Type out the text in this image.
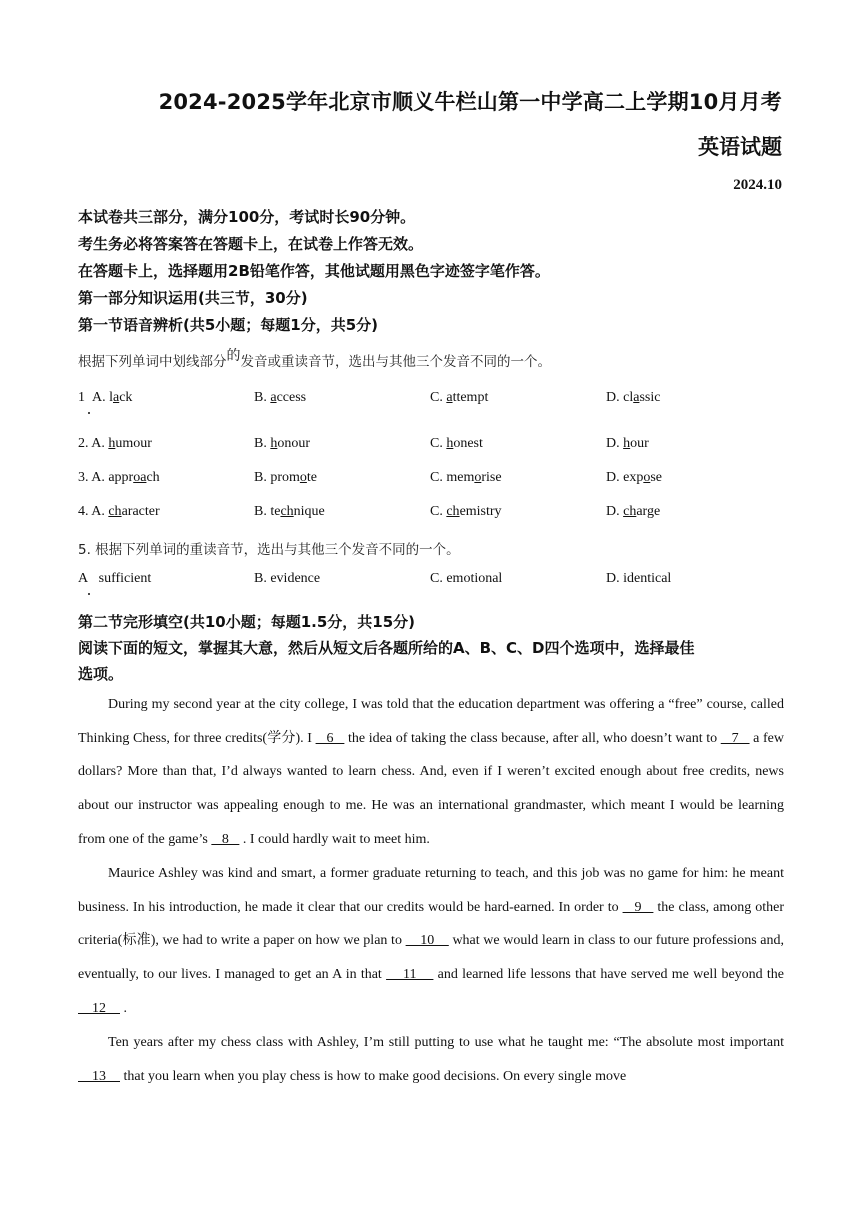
2024-2025学年北京市顺义牛栏山第一中学高二上学期10月月考
英语试题
2024.10
本试卷共三部分，满分100分，考试时长90分钟。
考生务必将答案答在答题卡上，在试卷上作答无效。
在答题卡上，选择题用2B铅笔作答，其他试题用黑色字迹签字笔作答。
第一部分知识运用(共三节，30分)
第一节语音辨析(共5小题；每题1分，共5分)
根据下列单词中划线部分的发音或重读音节，选出与其他三个发音不同的一个。
1 A. lack	B. access	C. attempt	D. classic
2. A. humour	B. honour	C. honest	D. hour
3. A. approach	B. promote	C. memorise	D. expose
4. A. character	B. technique	C. chemistry	D. charge
5. 根据下列单词的重读音节，选出与其他三个发音不同的一个。
A sufficient	B. evidence	C. emotional	D. identical
第二节完形填空(共10小题；每题1.5分，共15分)
阅读下面的短文，掌握其大意，然后从短文后各题所给的A、B、C、D四个选项中，选择最佳
选项。
During my second year at the city college, I was told that the education department was offering a “free” course, called Thinking Chess, for three credits(学分). I    6    the idea of taking the class because, after all, who doesn’t want to    7    a few dollars? More than that, I’d always wanted to learn chess. And, even if I weren’t excited enough about free credits, news about our instructor was appealing enough to me. He was an international grandmaster, which meant I would be learning from one of the game’s    8    . I could hardly wait to meet him.
Maurice Ashley was kind and smart, a former graduate returning to teach, and this job was no game for him: he meant business. In his introduction, he made it clear that our credits would be hard-earned. In order to    9    the class, among other criteria(标准), we had to write a paper on how we plan to     10     what we would learn in class to our future professions and, eventually, to our lives. I managed to get an A in that     11     and learned life lessons that have served me well beyond the     12     .
Ten years after my chess class with Ashley, I’m still putting to use what he taught me: “The absolute most important     13     that you learn when you play chess is how to make good decisions. On every single move
